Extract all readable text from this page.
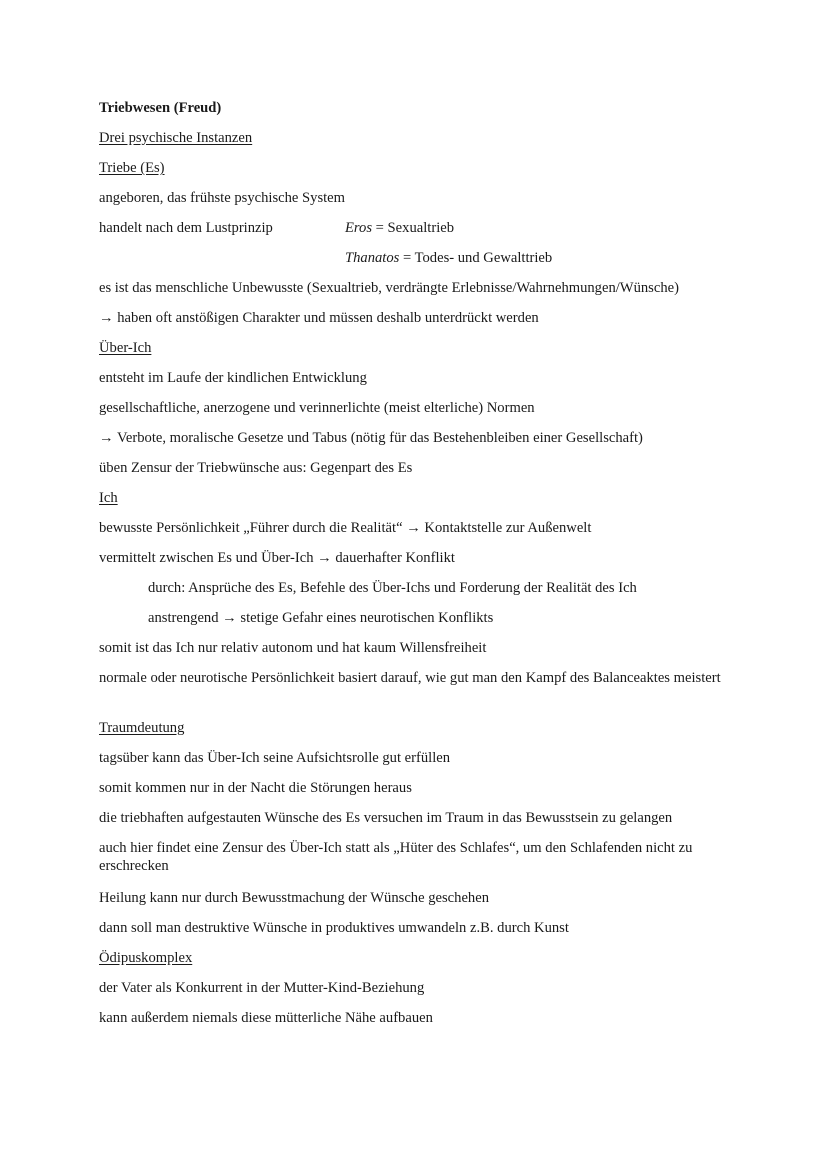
Triebwesen (Freud)
Drei psychische Instanzen
Triebe (Es)
angeboren, das frühste psychische System
handelt nach dem Lustprinzip	Eros = Sexualtrieb
Thanatos = Todes- und Gewalttrieb
es ist das menschliche Unbewusste (Sexualtrieb, verdrängte Erlebnisse/Wahrnehmungen/Wünsche)
→ haben oft anstößigen Charakter und müssen deshalb unterdrückt werden
Über-Ich
entsteht im Laufe der kindlichen Entwicklung
gesellschaftliche, anerzogene und verinnerlichte (meist elterliche) Normen
→ Verbote, moralische Gesetze und Tabus (nötig für das Bestehenbleiben einer Gesellschaft)
üben Zensur der Triebwünsche aus: Gegenpart des Es
Ich
bewusste Persönlichkeit „Führer durch die Realität“ → Kontaktstelle zur Außenwelt
vermittelt zwischen Es und Über-Ich → dauerhafter Konflikt
durch: Ansprüche des Es, Befehle des Über-Ichs und Forderung der Realität des Ich
anstrengend → stetige Gefahr eines neurotischen Konflikts
somit ist das Ich nur relativ autonom und hat kaum Willensfreiheit
normale oder neurotische Persönlichkeit basiert darauf, wie gut man den Kampf des Balanceaktes meistert
Traumdeutung
tagsüber kann das Über-Ich seine Aufsichtsrolle gut erfüllen
somit kommen nur in der Nacht die Störungen heraus
die triebhaften aufgestauten Wünsche des Es versuchen im Traum in das Bewusstsein zu gelangen
auch hier findet eine Zensur des Über-Ich statt als „Hüter des Schlafes“, um den Schlafenden nicht zu erschrecken
Heilung kann nur durch Bewusstmachung der Wünsche geschehen
dann soll man destruktive Wünsche in produktives umwandeln z.B. durch Kunst
Ödipuskomplex
der Vater als Konkurrent in der Mutter-Kind-Beziehung
kann außerdem niemals diese mütterliche Nähe aufbauen
